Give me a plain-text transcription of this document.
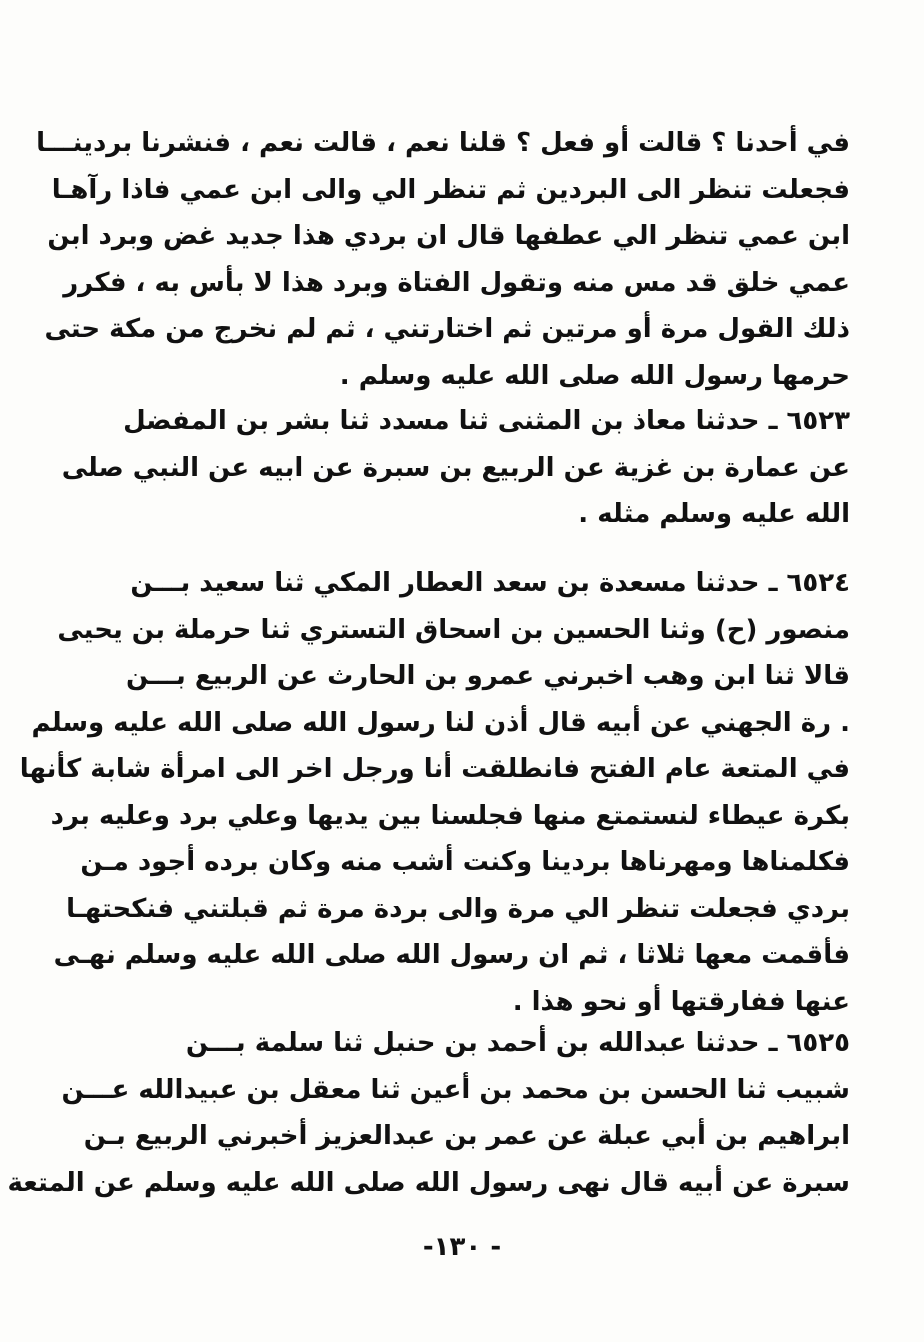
في أحدنا ؟ قالت أو فعل ؟ قلنا نعم ، قالت نعم ، فنشرنا بردينـــا
فجعلت تنظر الى البردين ثم تنظر الي والى ابن عمي فاذا رآهـا
ابن عمي تنظر الي عطفها قال ان بردي هذا جديد غض وبرد ابن
عمي خلق قد مس منه وتقول الفتاة وبرد هذا لا بأس به ، فكرر
ذلك القول مرة أو مرتين ثم اختارتني ، ثم لم نخرج من مكة حتى
حرمها رسول الله صلى الله عليه وسلم .
٦٥٢٣ ـ حدثنا معاذ بن المثنى ثنا مسدد ثنا بشر بن المفضل
عن عمارة بن غزية عن الربيع بن سبرة عن ابيه عن النبي صلى
الله عليه وسلم مثله .
٦٥٢٤ ـ حدثنا مسعدة بن سعد العطار المكي ثنا سعيد بـــن
منصور (ح) وثنا الحسين بن اسحاق التستري ثنا حرملة بن يحيى
قالا ثنا ابن وهب اخبرني عمرو بن الحارث عن الربيع بـــن
. رة الجهني عن أبيه قال أذن لنا رسول الله صلى الله عليه وسلم
في المتعة عام الفتح فانطلقت أنا ورجل اخر الى امرأة شابة كأنها
بكرة عيطاء لنستمتع منها فجلسنا بين يديها وعلي برد وعليه برد
فكلمناها ومهرناها بردينا وكنت أشب منه وكان برده أجود مـن
بردي فجعلت تنظر الي مرة والى بردة مرة ثم قبلتني فنكحتهـا
فأقمت معها ثلاثا ، ثم ان رسول الله صلى الله عليه وسلم نهـى
عنها ففارقتها أو نحو هذا .
٦٥٢٥ ـ حدثنا عبدالله بن أحمد بن حنبل ثنا سلمة بـــن
شبيب ثنا الحسن بن محمد بن أعين ثنا معقل بن عبيدالله عـــن
ابراهيم بن أبي عبلة عن عمر بن عبدالعزيز أخبرني الربيع بـن
سبرة عن أبيه قال نهى رسول الله صلى الله عليه وسلم عن المتعة
-١٣٠ -
